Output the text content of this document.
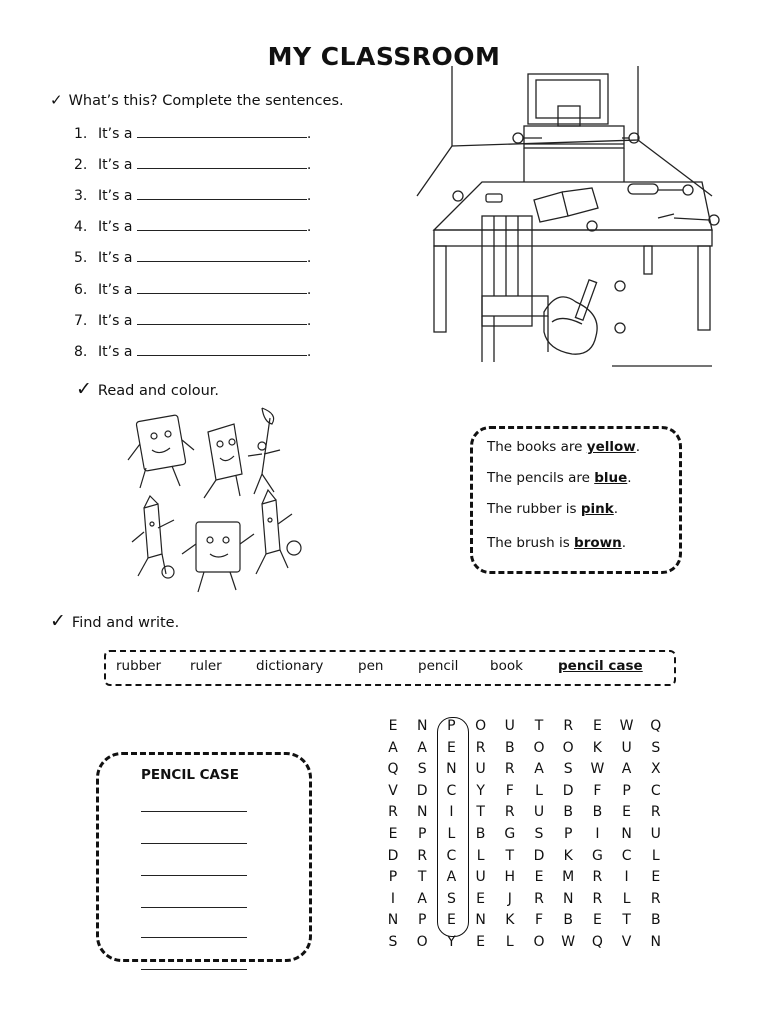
MY CLASSROOM
✓ What’s this? Complete the sentences.
1. It’s a	.
2. It’s a	.
3. It’s a	.
4. It’s a	.
5. It’s a	.
6. It’s a	.
7. It’s a	.
8. It’s a	.
✓ Read and colour.
The books are yellow.
The pencils are blue.
The rubber is pink.
The brush is brown.
✓ Find and write.
rubber ruler	dictionary	pen	pencil book	pencil case
PENCIL CASE
E	N	P	O	U	T	R	E	W	Q
A	A	E	R	B	O	O	K	U	S
Q	S	N	U	R	A	S	W	A	X
V	D	C	Y	F	L	D	F	P	C
R	N	I	T	R	U	B	B	E	R
E	P	L	B	G	S	P	I	N	U
D	R	C	L	T	D	K	G	C	L
P	T	A	U	H	E	M	R	I	E
I	A	S	E	J	R	N	R	L	R
N	P	E	N	K	F	B	E	T	B
S	O	Y	E	L	O	W	Q	V	N
